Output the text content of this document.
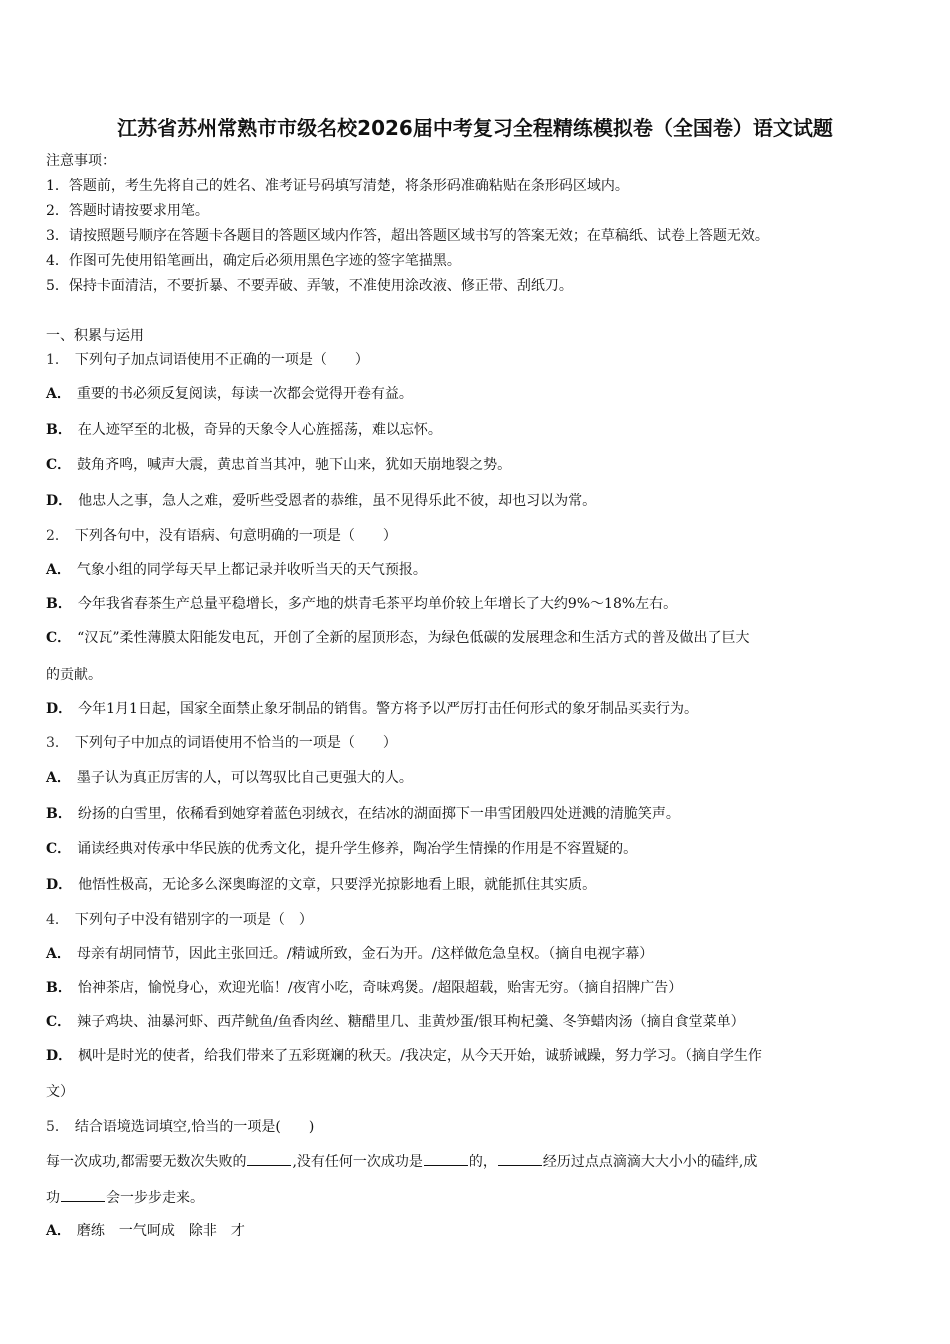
江苏省苏州常熟市市级名校2026届中考复习全程精练模拟卷（全国卷）语文试题
注意事项：
1．答题前，考生先将自己的姓名、准考证号码填写清楚，将条形码准确粘贴在条形码区域内。
2．答题时请按要求用笔。
3．请按照题号顺序在答题卡各题目的答题区域内作答，超出答题区域书写的答案无效；在草稿纸、试卷上答题无效。
4．作图可先使用铅笔画出，确定后必须用黑色字迹的签字笔描黑。
5．保持卡面清洁，不要折暴、不要弄破、弄皱，不准使用涂改液、修正带、刮纸刀。
一、积累与运用
1． 下列句子加点词语使用不正确的一项是（　　）
A． 重要的书必须反复阅读，每读一次都会觉得开卷有益。
B． 在人迹罕至的北极，奇异的天象令人心旌摇荡，难以忘怀。
C． 鼓角齐鸣，喊声大震，黄忠首当其冲，驰下山来，犹如天崩地裂之势。
D． 他忠人之事，急人之难，爱听些受恩者的恭维，虽不见得乐此不彼，却也习以为常。
2． 下列各句中，没有语病、句意明确的一项是（　　）
A． 气象小组的同学每天早上都记录并收听当天的天气预报。
B． 今年我省春茶生产总量平稳增长，多产地的烘青毛茶平均单价较上年增长了大约9%～18%左右。
C． “汉瓦”柔性薄膜太阳能发电瓦，开创了全新的屋顶形态，为绿色低碳的发展理念和生活方式的普及做出了巨大
的贡献。
D． 今年1月1日起，国家全面禁止象牙制品的销售。警方将予以严厉打击任何形式的象牙制品买卖行为。
3． 下列句子中加点的词语使用不恰当的一项是（　　）
A． 墨子认为真正厉害的人，可以驾驭比自己更强大的人。
B． 纷扬的白雪里，依稀看到她穿着蓝色羽绒衣，在结冰的湖面掷下一串雪团般四处迸溅的清脆笑声。
C． 诵读经典对传承中华民族的优秀文化，提升学生修养，陶冶学生情操的作用是不容置疑的。
D． 他悟性极高，无论多么深奥晦涩的文章，只要浮光掠影地看上眼，就能抓住其实质。
4． 下列句子中没有错别字的一项是（　）
A． 母亲有胡同情节，因此主张回迁。/精诚所致，金石为开。/这样做危急皇权。（摘自电视字幕）
B． 怡神茶店，愉悦身心，欢迎光临！/夜宵小吃，奇味鸡煲。/超限超载，贻害无穷。（摘自招牌广告）
C． 辣子鸡块、油暴河虾、西芹鱿鱼/鱼香肉丝、糖醋里几、韭黄炒蛋/银耳枸杞羹、冬笋蜡肉汤（摘自食堂菜单）
D． 枫叶是时光的使者，给我们带来了五彩斑斓的秋天。/我决定，从今天开始，诚骄诫躁，努力学习。（摘自学生作
文）
5． 结合语境选词填空,恰当的一项是(　　)
每一次成功,都需要无数次失败的	,没有任何一次成功是	的，	经历过点点滴滴大大小小的磕绊,成
功	会一步步走来。
A． 磨练　一气呵成　除非　才
